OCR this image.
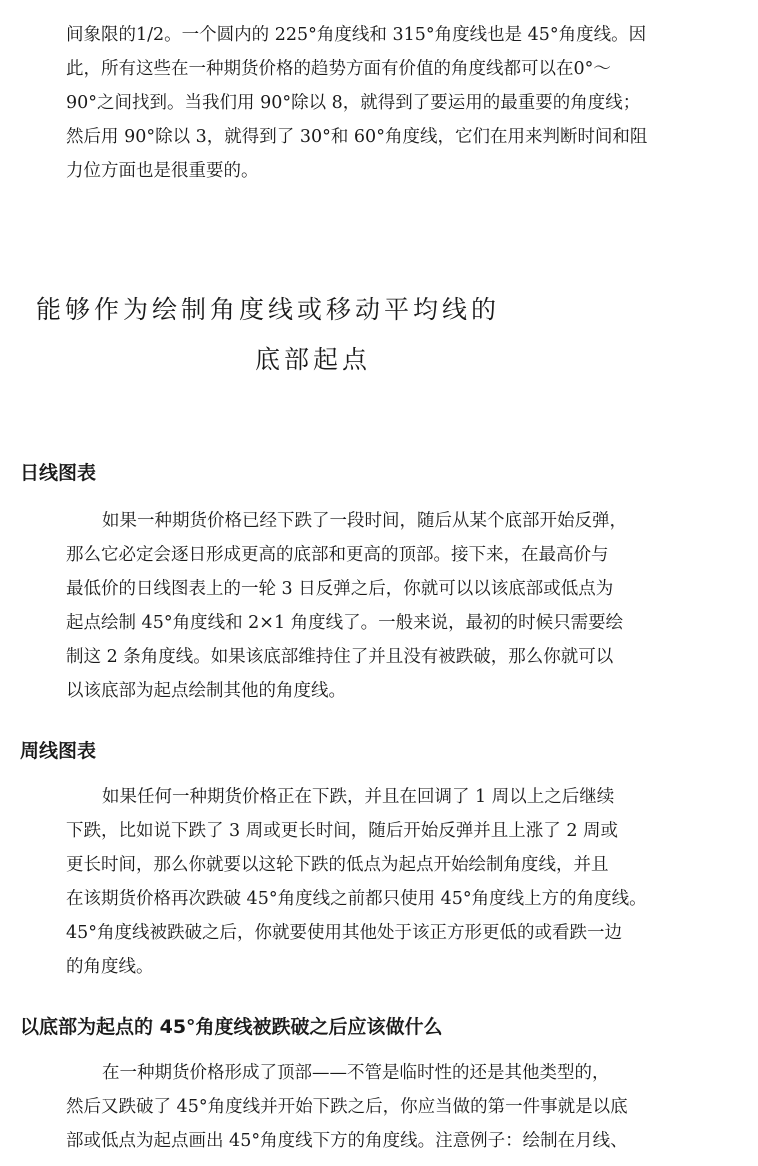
间象限的1/2。一个圆内的 225°角度线和 315°角度线也是 45°角度线。因
此，所有这些在一种期货价格的趋势方面有价值的角度线都可以在0°～
90°之间找到。当我们用 90°除以 8，就得到了要运用的最重要的角度线；
然后用 90°除以 3，就得到了 30°和 60°角度线，它们在用来判断时间和阻
力位方面也是很重要的。
能够作为绘制角度线或移动平均线的
底部起点
日线图表
如果一种期货价格已经下跌了一段时间，随后从某个底部开始反弹，
那么它必定会逐日形成更高的底部和更高的顶部。接下来，在最高价与
最低价的日线图表上的一轮 3 日反弹之后，你就可以以该底部或低点为
起点绘制 45°角度线和 2×1 角度线了。一般来说，最初的时候只需要绘
制这 2 条角度线。如果该底部维持住了并且没有被跌破，那么你就可以
以该底部为起点绘制其他的角度线。
周线图表
如果任何一种期货价格正在下跌，并且在回调了 1 周以上之后继续
下跌，比如说下跌了 3 周或更长时间，随后开始反弹并且上涨了 2 周或
更长时间，那么你就要以这轮下跌的低点为起点开始绘制角度线，并且
在该期货价格再次跌破 45°角度线之前都只使用 45°角度线上方的角度线。
45°角度线被跌破之后，你就要使用其他处于该正方形更低的或看跌一边
的角度线。
以底部为起点的 45°角度线被跌破之后应该做什么
在一种期货价格形成了顶部——不管是临时性的还是其他类型的，
然后又跌破了 45°角度线并开始下跌之后，你应当做的第一件事就是以底
部或低点为起点画出 45°角度线下方的角度线。注意例子：绘制在月线、
